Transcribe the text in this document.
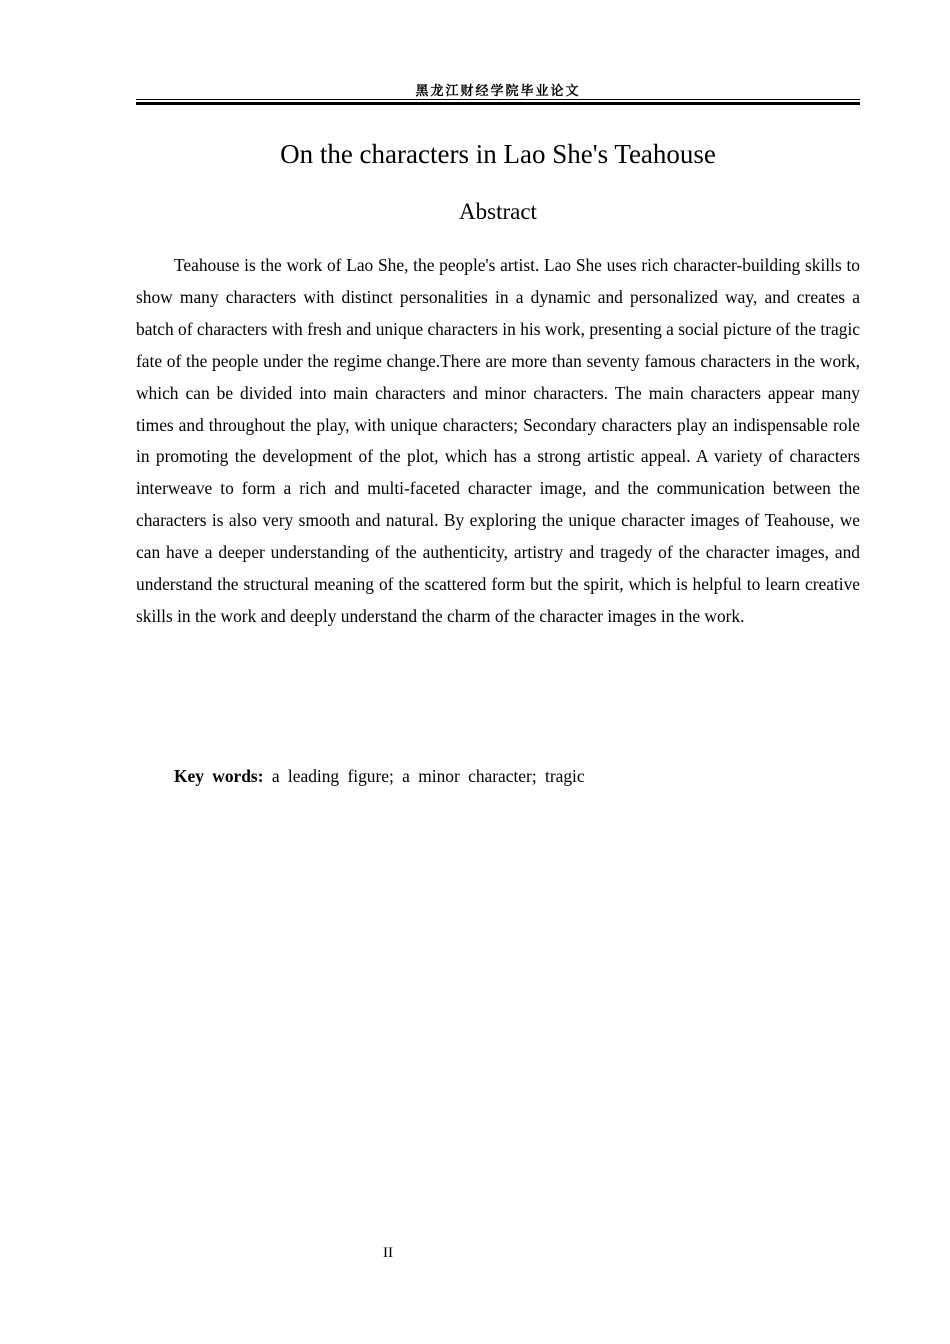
黑龙江财经学院毕业论文
On the characters in Lao She's Teahouse
Abstract

Teahouse is the work of Lao She, the people's artist. Lao She uses rich character-building skills to show many characters with distinct personalities in a dynamic and personalized way, and creates a batch of characters with fresh and unique characters in his work, presenting a social picture of the tragic fate of the people under the regime change.There are more than seventy famous characters in the work, which can be divided into main characters and minor characters. The main characters appear many times and throughout the play, with unique characters; Secondary characters play an indispensable role in promoting the development of the plot, which has a strong artistic appeal. A variety of characters interweave to form a rich and multi-faceted character image, and the communication between the characters is also very smooth and natural. By exploring the unique character images of Teahouse, we can have a deeper understanding of the authenticity, artistry and tragedy of the character images, and understand the structural meaning of the scattered form but the spirit, which is helpful to learn creative skills in the work and deeply understand the charm of the character images in the work.

Key words: a leading figure; a minor character; tragic
II
